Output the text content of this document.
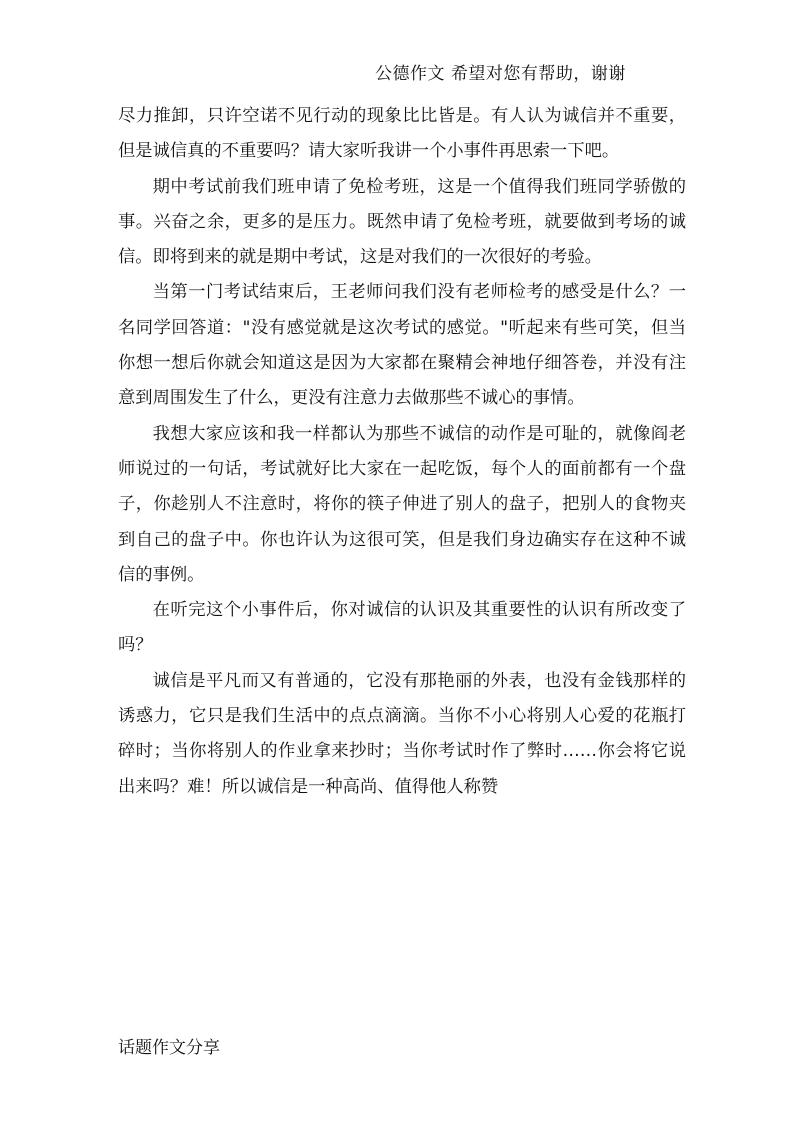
公德作文 希望对您有帮助，谢谢

尽力推卸，只许空诺不见行动的现象比比皆是。有人认为诚信并不重要，但是诚信真的不重要吗？请大家听我讲一个小事件再思索一下吧。

期中考试前我们班申请了免检考班，这是一个值得我们班同学骄傲的事。兴奋之余，更多的是压力。既然申请了免检考班，就要做到考场的诚信。即将到来的就是期中考试，这是对我们的一次很好的考验。

当第一门考试结束后，王老师问我们没有老师检考的感受是什么？一名同学回答道："没有感觉就是这次考试的感觉。"听起来有些可笑，但当你想一想后你就会知道这是因为大家都在聚精会神地仔细答卷，并没有注意到周围发生了什么，更没有注意力去做那些不诚心的事情。

我想大家应该和我一样都认为那些不诚信的动作是可耻的，就像阎老师说过的一句话，考试就好比大家在一起吃饭，每个人的面前都有一个盘子，你趁别人不注意时，将你的筷子伸进了别人的盘子，把别人的食物夹到自己的盘子中。你也许认为这很可笑，但是我们身边确实存在这种不诚信的事例。

在听完这个小事件后，你对诚信的认识及其重要性的认识有所改变了吗？

诚信是平凡而又有普通的，它没有那艳丽的外表，也没有金钱那样的诱惑力，它只是我们生活中的点点滴滴。当你不小心将别人心爱的花瓶打碎时；当你将别人的作业拿来抄时；当你考试时作了弊时……你会将它说出来吗？难！所以诚信是一种高尚、值得他人称赞

话题作文分享
